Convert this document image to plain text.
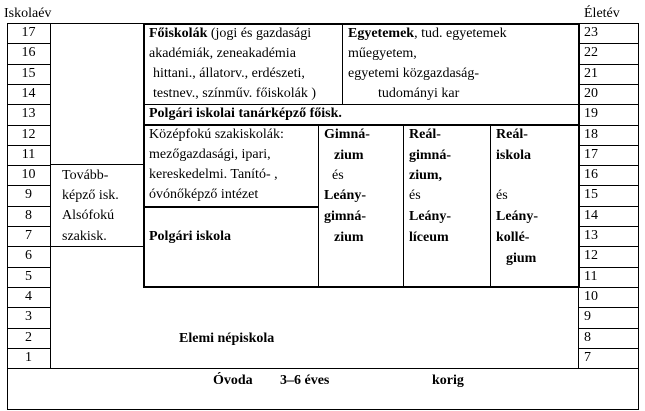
Iskolaév	Életév
17
16
15
14
13
12
11
10
9
8
7
6
5
4
3
2
1
23
22
21
20
19
18
17
16
15
14
13
12
11
10
9
8
7
Főiskolák (jogi és gazdasági
akadémiák, zeneakadémia
hittani., állatorv., erdészeti,
testnev., színműv. főiskolák )
Egyetemek, tud. egyetemek
műegyetem,
egyetemi közgazdaság-
tudományi kar
Polgári iskolai tanárképző főisk.
Középfokú szakiskolák:
mezőgazdasági, ipari,
kereskedelmi. Tanító- ,
óvónőképző intézet
Polgári iskola
Gimná-
zium
és
Leány-
gimná-
zium
Reál-
gimná-
zium,
és
Leány-
líceum
Reál-
iskola
és
Leány-
kollé-
gium
Tovább-
képző isk.
Alsófokú
szakisk.
Elemi népiskola
Óvoda 3–6 éves	korig
